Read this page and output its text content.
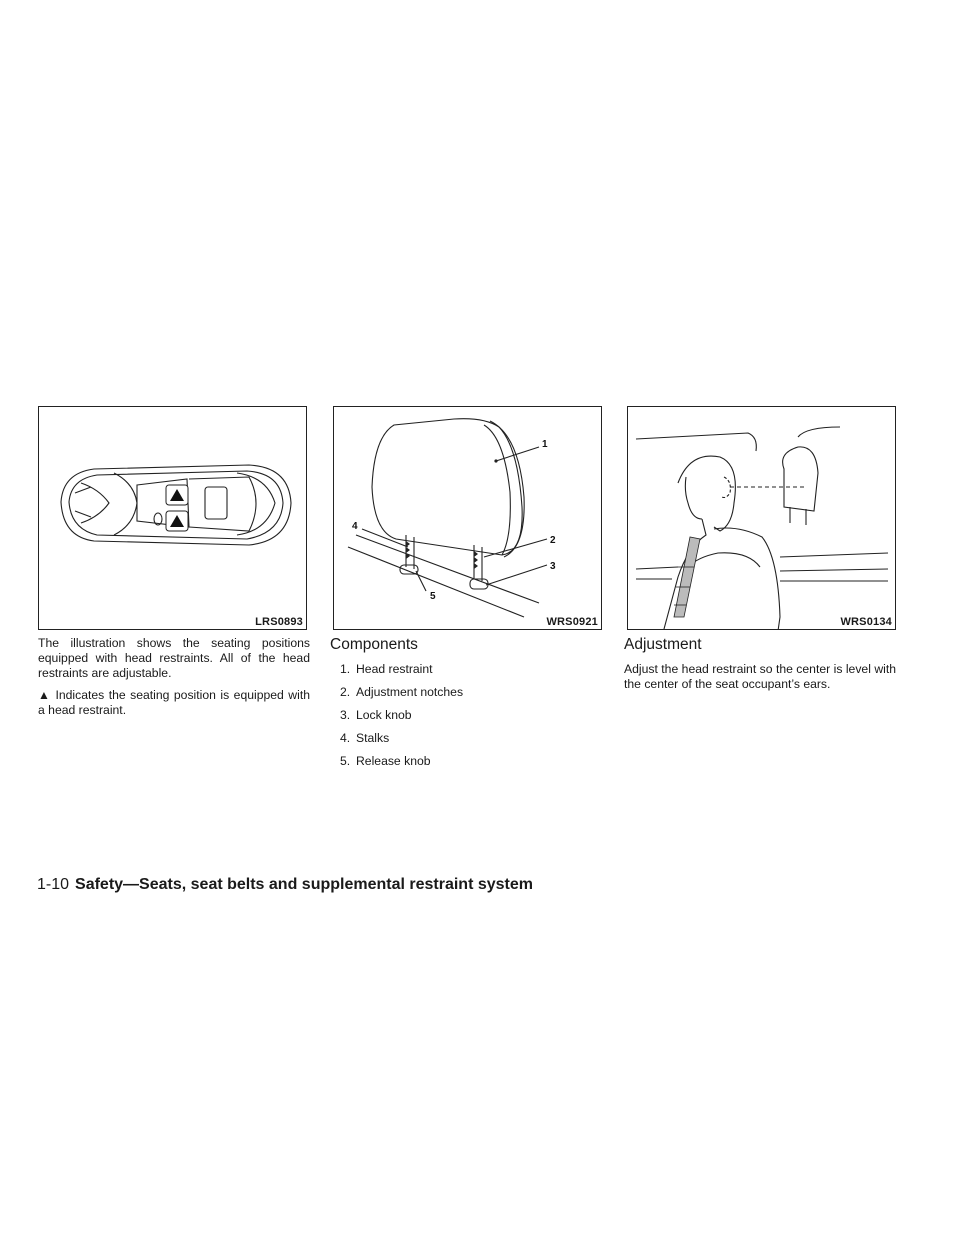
LRS0893
1
2
3
4
5
WRS0921	WRS0134

The illustration shows the seating positions equipped with head restraints. All of the head restraints are adjustable.

▲ Indicates the seating position is equipped with a head restraint.

Components
1. Head restraint
2. Adjustment notches
3. Lock knob
4. Stalks
5. Release knob
Adjustment

Adjust the head restraint so the center is level with the center of the seat occupant’s ears.

1-10 Safety—Seats, seat belts and supplemental restraint system
